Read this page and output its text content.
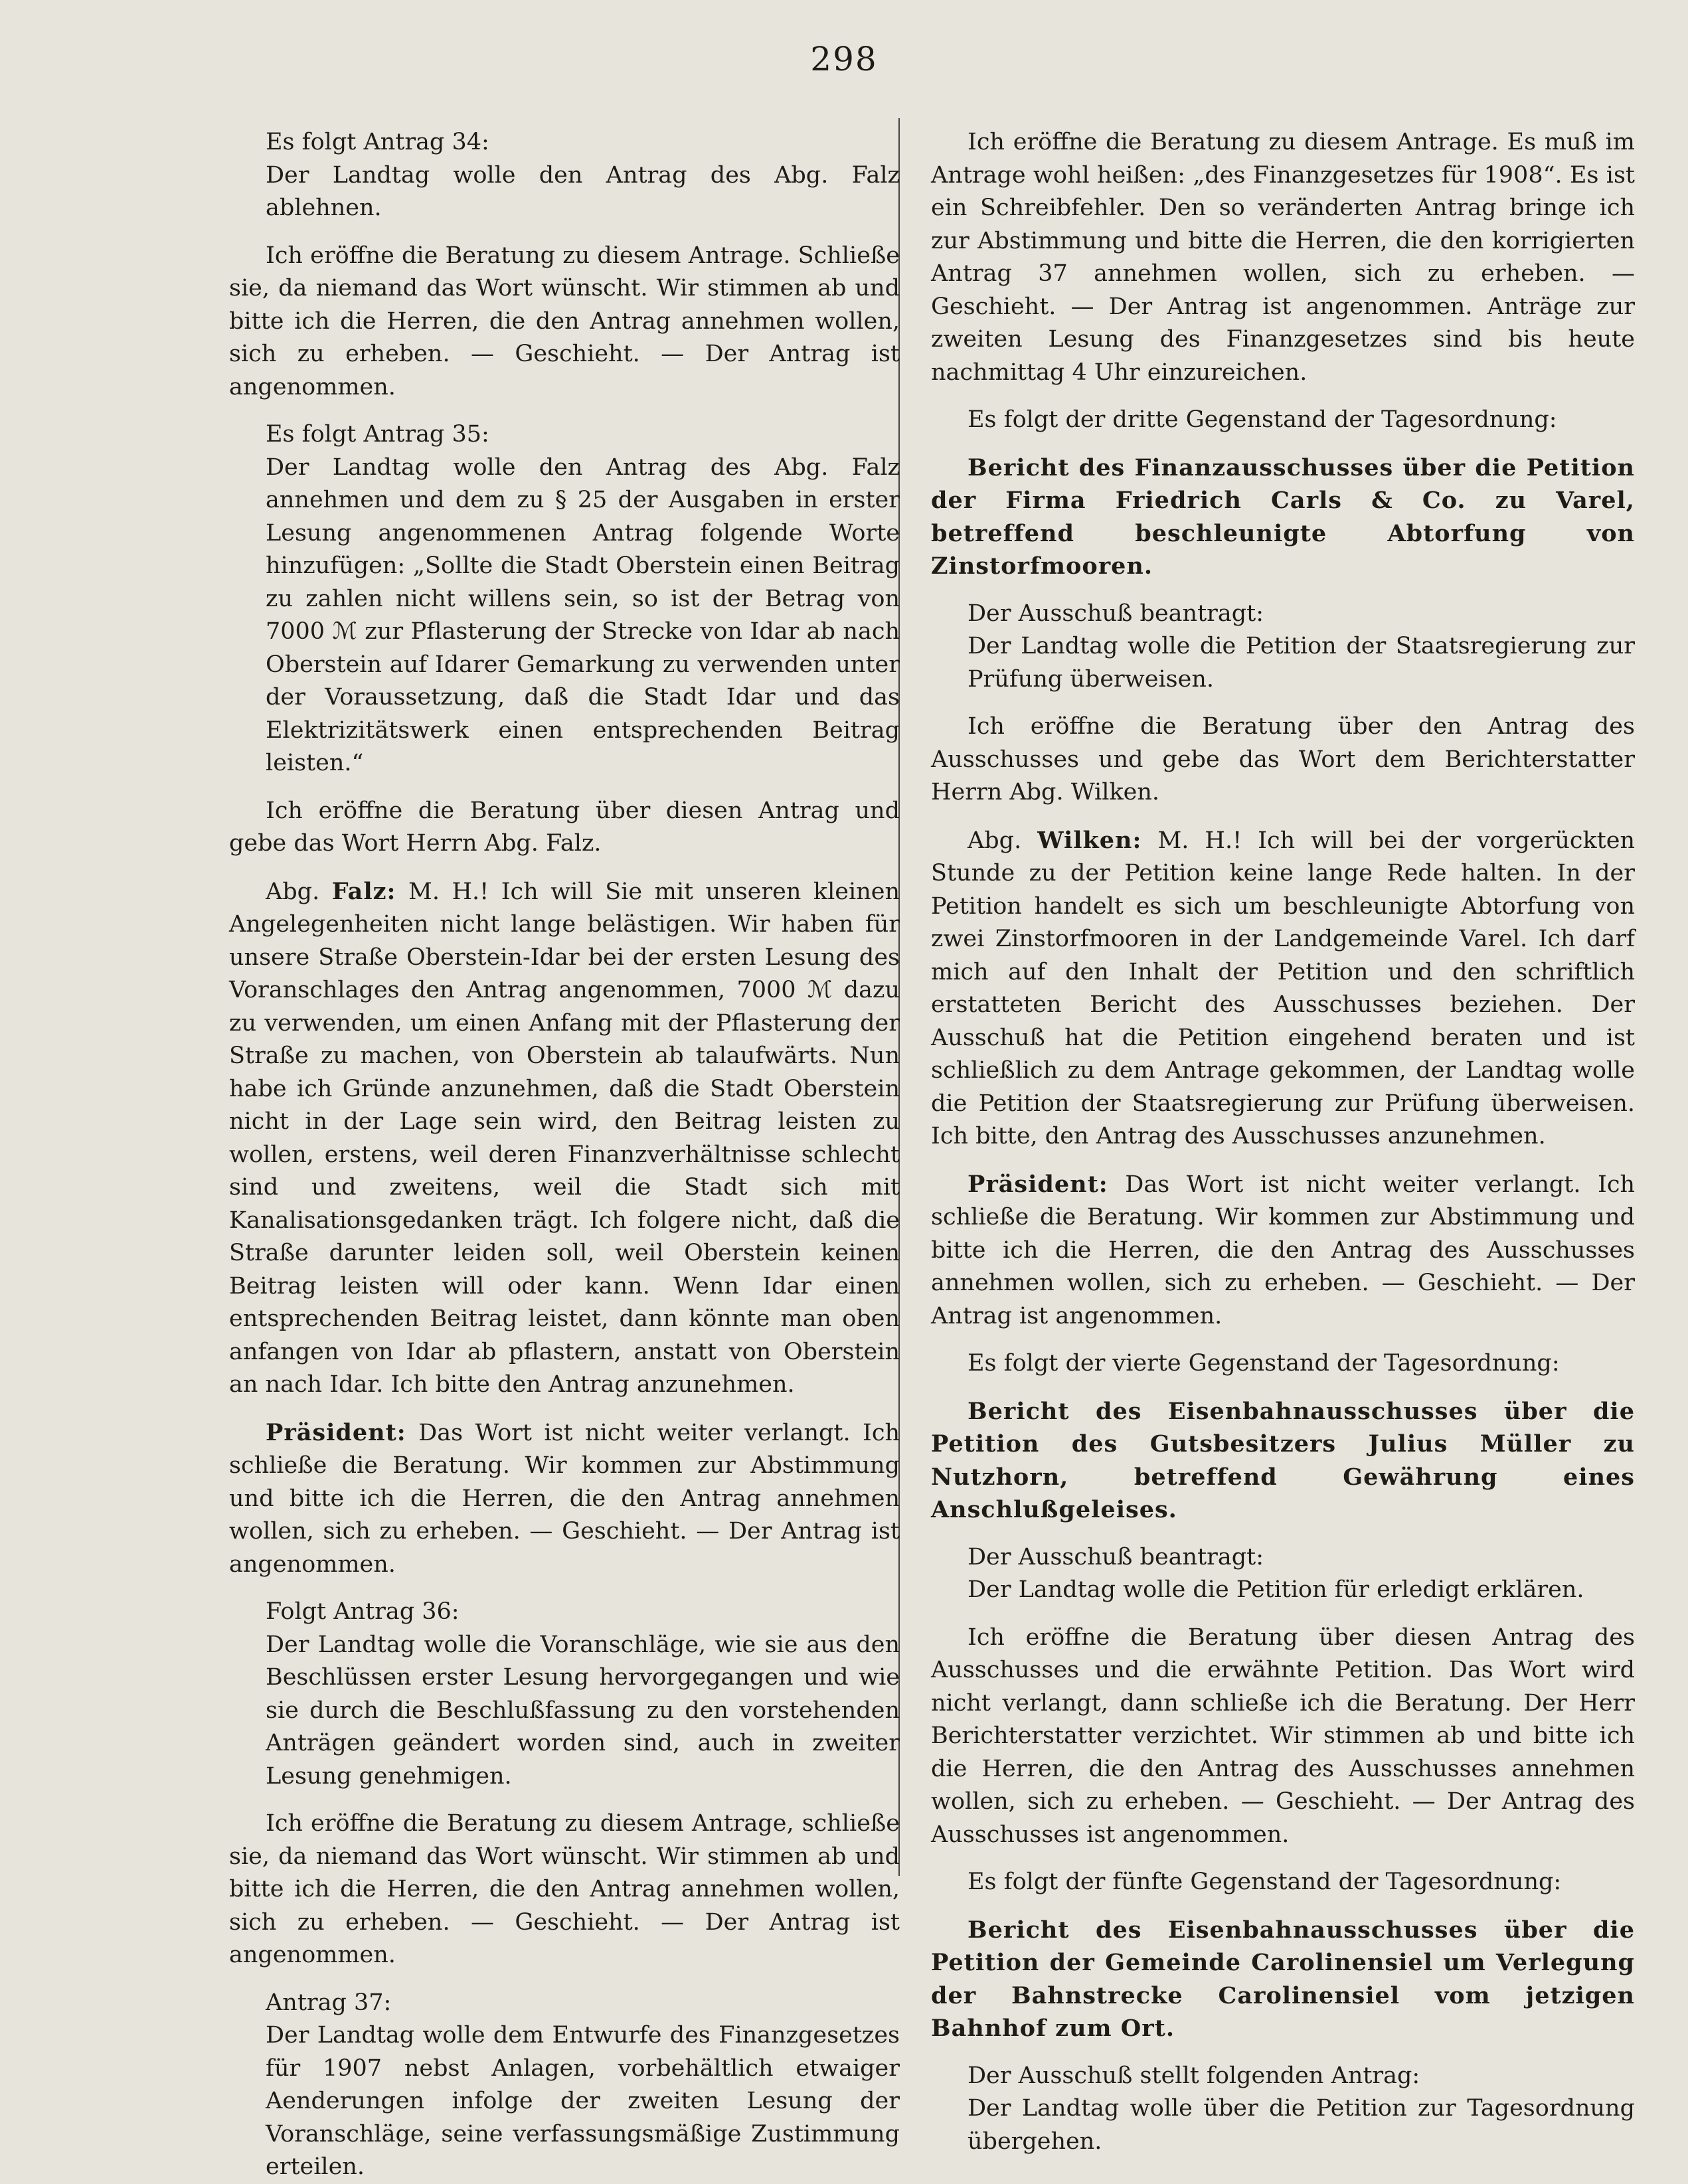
298

Es folgt Antrag 34:

Der Landtag wolle den Antrag des Abg. Falz ablehnen.

Ich eröffne die Beratung zu diesem Antrage. Schließe sie, da niemand das Wort wünscht. Wir stimmen ab und bitte ich die Herren, die den Antrag annehmen wollen, sich zu erheben. — Geschieht. — Der Antrag ist angenommen.

Es folgt Antrag 35:

Der Landtag wolle den Antrag des Abg. Falz annehmen und dem zu § 25 der Ausgaben in erster Lesung angenommenen Antrag folgende Worte hinzufügen: „Sollte die Stadt Oberstein einen Beitrag zu zahlen nicht willens sein, so ist der Betrag von 7000 ℳ zur Pflasterung der Strecke von Idar ab nach Oberstein auf Idarer Gemarkung zu verwenden unter der Voraussetzung, daß die Stadt Idar und das Elektrizitätswerk einen entsprechenden Beitrag leisten.“

Ich eröffne die Beratung über diesen Antrag und gebe das Wort Herrn Abg. Falz.

Abg. Falz: M. H.! Ich will Sie mit unseren kleinen Angelegenheiten nicht lange belästigen. Wir haben für unsere Straße Oberstein-Idar bei der ersten Lesung des Voranschlages den Antrag angenommen, 7000 ℳ dazu zu verwenden, um einen Anfang mit der Pflasterung der Straße zu machen, von Oberstein ab talaufwärts. Nun habe ich Gründe anzunehmen, daß die Stadt Oberstein nicht in der Lage sein wird, den Beitrag leisten zu wollen, erstens, weil deren Finanzverhältnisse schlecht sind und zweitens, weil die Stadt sich mit Kanalisationsgedanken trägt. Ich folgere nicht, daß die Straße darunter leiden soll, weil Oberstein keinen Beitrag leisten will oder kann. Wenn Idar einen entsprechenden Beitrag leistet, dann könnte man oben anfangen von Idar ab pflastern, anstatt von Oberstein an nach Idar. Ich bitte den Antrag anzunehmen.

Präsident: Das Wort ist nicht weiter verlangt. Ich schließe die Beratung. Wir kommen zur Abstimmung und bitte ich die Herren, die den Antrag annehmen wollen, sich zu erheben. — Geschieht. — Der Antrag ist angenommen.

Folgt Antrag 36:

Der Landtag wolle die Voranschläge, wie sie aus den Beschlüssen erster Lesung hervorgegangen und wie sie durch die Beschlußfassung zu den vorstehenden Anträgen geändert worden sind, auch in zweiter Lesung genehmigen.

Ich eröffne die Beratung zu diesem Antrage, schließe sie, da niemand das Wort wünscht. Wir stimmen ab und bitte ich die Herren, die den Antrag annehmen wollen, sich zu erheben. — Geschieht. — Der Antrag ist angenommen.

Antrag 37:

Der Landtag wolle dem Entwurfe des Finanzgesetzes für 1907 nebst Anlagen, vorbehältlich etwaiger Aenderungen infolge der zweiten Lesung der Voranschläge, seine verfassungsmäßige Zustimmung erteilen.

Ich eröffne die Beratung zu diesem Antrage. Es muß im Antrage wohl heißen: „des Finanzgesetzes für 1908“. Es ist ein Schreibfehler. Den so veränderten Antrag bringe ich zur Abstimmung und bitte die Herren, die den korrigierten Antrag 37 annehmen wollen, sich zu erheben. — Geschieht. — Der Antrag ist angenommen. Anträge zur zweiten Lesung des Finanzgesetzes sind bis heute nachmittag 4 Uhr einzureichen.

Es folgt der dritte Gegenstand der Tagesordnung:

Bericht des Finanzausschusses über die Petition der Firma Friedrich Carls & Co. zu Varel, betreffend beschleunigte Abtorfung von Zinstorfmooren.

Der Ausschuß beantragt:

Der Landtag wolle die Petition der Staatsregierung zur Prüfung überweisen.

Ich eröffne die Beratung über den Antrag des Ausschusses und gebe das Wort dem Berichterstatter Herrn Abg. Wilken.

Abg. Wilken: M. H.! Ich will bei der vorgerückten Stunde zu der Petition keine lange Rede halten. In der Petition handelt es sich um beschleunigte Abtorfung von zwei Zinstorfmooren in der Landgemeinde Varel. Ich darf mich auf den Inhalt der Petition und den schriftlich erstatteten Bericht des Ausschusses beziehen. Der Ausschuß hat die Petition eingehend beraten und ist schließlich zu dem Antrage gekommen, der Landtag wolle die Petition der Staatsregierung zur Prüfung überweisen. Ich bitte, den Antrag des Ausschusses anzunehmen.

Präsident: Das Wort ist nicht weiter verlangt. Ich schließe die Beratung. Wir kommen zur Abstimmung und bitte ich die Herren, die den Antrag des Ausschusses annehmen wollen, sich zu erheben. — Geschieht. — Der Antrag ist angenommen.

Es folgt der vierte Gegenstand der Tagesordnung:

Bericht des Eisenbahnausschusses über die Petition des Gutsbesitzers Julius Müller zu Nutzhorn, betreffend Gewährung eines Anschlußgeleises.

Der Ausschuß beantragt:

Der Landtag wolle die Petition für erledigt erklären.

Ich eröffne die Beratung über diesen Antrag des Ausschusses und die erwähnte Petition. Das Wort wird nicht verlangt, dann schließe ich die Beratung. Der Herr Berichterstatter verzichtet. Wir stimmen ab und bitte ich die Herren, die den Antrag des Ausschusses annehmen wollen, sich zu erheben. — Geschieht. — Der Antrag des Ausschusses ist angenommen.

Es folgt der fünfte Gegenstand der Tagesordnung:

Bericht des Eisenbahnausschusses über die Petition der Gemeinde Carolinensiel um Verlegung der Bahnstrecke Carolinensiel vom jetzigen Bahnhof zum Ort.

Der Ausschuß stellt folgenden Antrag:

Der Landtag wolle über die Petition zur Tagesordnung übergehen.
